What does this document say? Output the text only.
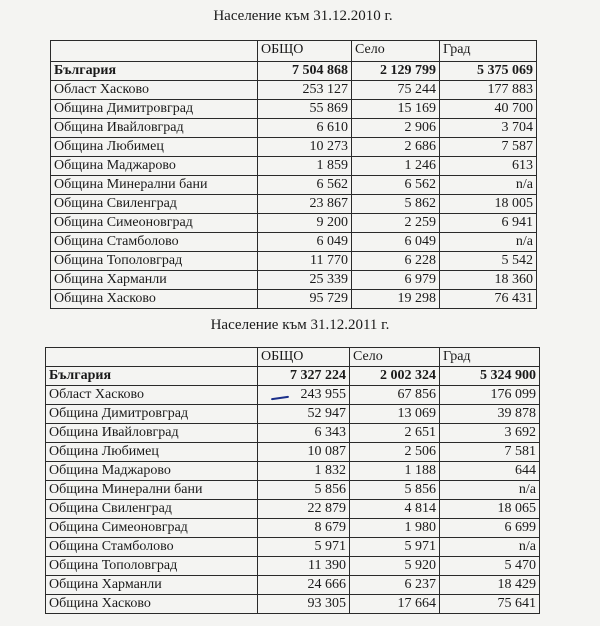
Население към 31.12.2010 г.
	ОБЩО	Село	Град
България	7 504 868	2 129 799	5 375 069
Област Хасково	253 127	75 244	177 883
Община Димитровград	55 869	15 169	40 700
Община Ивайловград	6 610	2 906	3 704
Община Любимец	10 273	2 686	7 587
Община Маджарово	1 859	1 246	613
Община Минерални бани	6 562	6 562	n/a
Община Свиленград	23 867	5 862	18 005
Община Симеоновград	9 200	2 259	6 941
Община Стамболово	6 049	6 049	n/a
Община Тополовград	11 770	6 228	5 542
Община Харманли	25 339	6 979	18 360
Община Хасково	95 729	19 298	76 431
Население към 31.12.2011 г.
	ОБЩО	Село	Град
България	7 327 224	2 002 324	5 324 900
Област Хасково	243 955	67 856	176 099
Община Димитровград	52 947	13 069	39 878
Община Ивайловград	6 343	2 651	3 692
Община Любимец	10 087	2 506	7 581
Община Маджарово	1 832	1 188	644
Община Минерални бани	5 856	5 856	n/a
Община Свиленград	22 879	4 814	18 065
Община Симеоновград	8 679	1 980	6 699
Община Стамболово	5 971	5 971	n/a
Община Тополовград	11 390	5 920	5 470
Община Харманли	24 666	6 237	18 429
Община Хасково	93 305	17 664	75 641
